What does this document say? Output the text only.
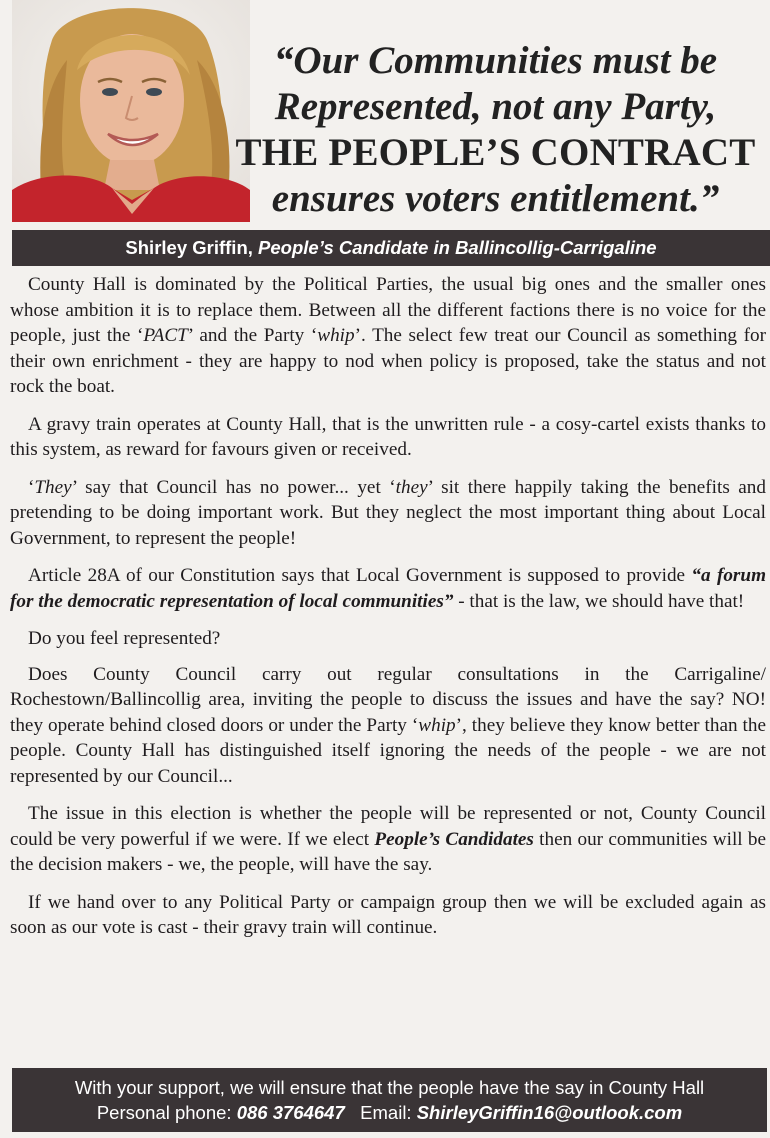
“Our Communities must be
Represented, not any Party,
THE PEOPLE’S CONTRACT
ensures voters entitlement.”
Shirley Griffin, People’s Candidate in Ballincollig-Carrigaline

County Hall is dominated by the Political Parties, the usual big ones and the smaller ones whose ambition it is to replace them. Between all the different factions there is no voice for the people, just the ‘PACT’ and the Party ‘whip’. The select few treat our Council as something for their own enrichment - they are happy to nod when policy is proposed, take the status and not rock the boat.

A gravy train operates at County Hall, that is the unwritten rule - a cosy-cartel exists thanks to this system, as reward for favours given or received.

‘They’ say that Council has no power... yet ‘they’ sit there happily taking the benefits and pretending to be doing important work. But they neglect the most important thing about Local Government, to represent the people!

Article 28A of our Constitution says that Local Government is supposed to provide “a forum for the democratic representation of local communities” - that is the law, we should have that!

Do you feel represented?

Does County Council carry out regular consultations in the Carrigaline/ Rochestown/Ballincollig area, inviting the people to discuss the issues and have the say? NO! they operate behind closed doors or under the Party ‘whip’, they believe they know better than the people. County Hall has distinguished itself ignoring the needs of the people - we are not represented by our Council...

The issue in this election is whether the people will be represented or not, County Council could be very powerful if we were. If we elect People’s Candidates then our communities will be the decision makers - we, the people, will have the say.

If we hand over to any Political Party or campaign group then we will be excluded again as soon as our vote is cast - their gravy train will continue.

With your support, we will ensure that the people have the say in County Hall
Personal phone: 086 3764647 Email: ShirleyGriffin16@outlook.com
